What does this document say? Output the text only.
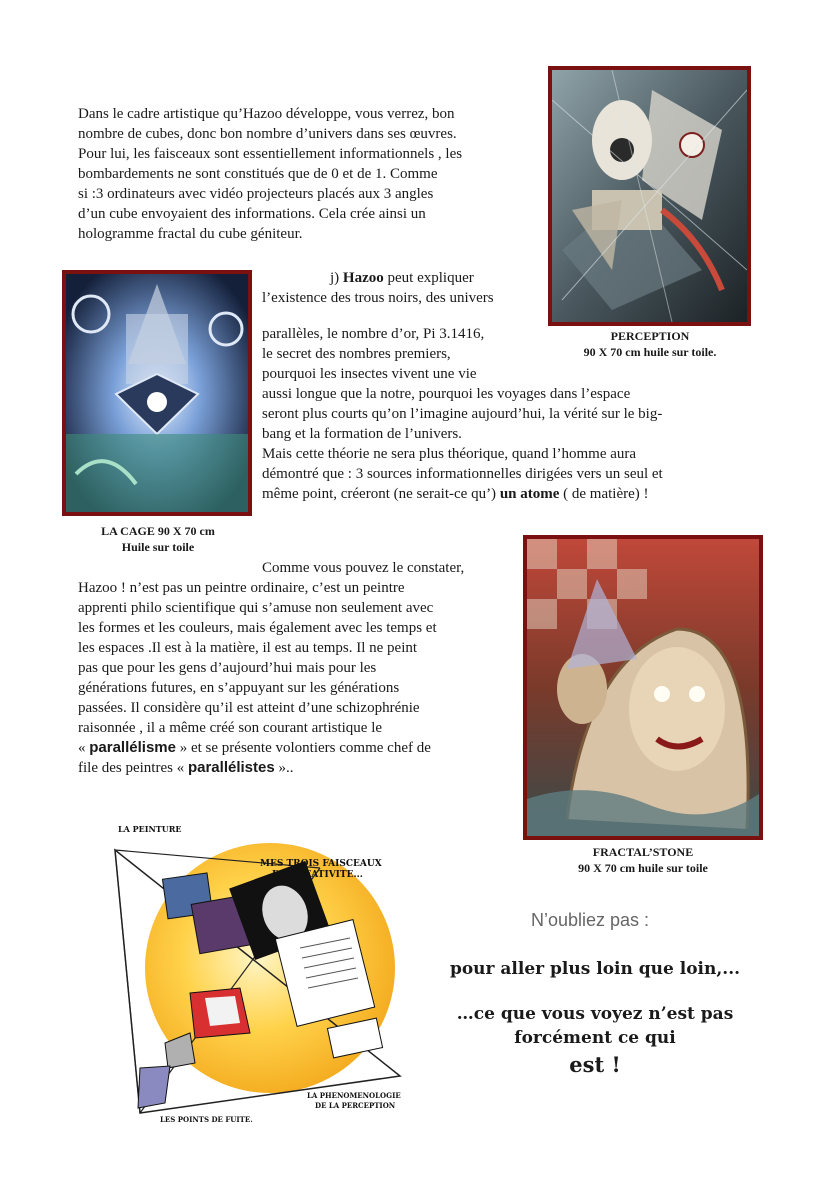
Dans le cadre artistique qu’Hazoo développe, vous verrez, bon
nombre de cubes, donc bon nombre d’univers dans ses œuvres.
Pour lui, les faisceaux sont essentiellement informationnels , les
bombardements ne sont constitués que de 0 et de 1. Comme
si :3 ordinateurs avec vidéo projecteurs placés aux 3 angles
d’un cube envoyaient des informations. Cela crée ainsi un
hologramme fractal du cube géniteur.
PERCEPTION
90 X 70 cm huile sur toile.
LA CAGE 90 X 70 cm
Huile sur toile
j) Hazoo peut expliquer
l’existence des trous noirs, des univers
parallèles, le nombre d’or, Pi 3.1416,
le secret des nombres premiers,
pourquoi les insectes vivent une vie
aussi longue que la notre, pourquoi les voyages dans l’espace
seront plus courts qu’on l’imagine aujourd’hui, la vérité sur le big-
bang et la formation de l’univers.
Mais cette théorie ne sera plus théorique, quand l’homme aura
démontré que : 3 sources informationnelles dirigées vers un seul et
même point, créeront (ne serait-ce qu’) un atome ( de matière) !
FRACTAL’STONE
90 X 70 cm huile sur toile
Comme vous pouvez le constater,
Hazoo ! n’est pas un peintre ordinaire, c’est un peintre
apprenti philo scientifique qui s’amuse non seulement avec
les formes et les couleurs, mais également avec les temps et
les espaces .Il est à la matière, il est au temps. Il ne peint
pas que pour les gens d’aujourd’hui mais pour les
générations futures, en s’appuyant sur les générations
passées. Il considère qu’il est atteint d’une schizophrénie
raisonnée , il a même créé son courant artistique le
« parallélisme » et se présente volontiers comme chef de
file des peintres « parallélistes »..
LA PEINTURE
MES TROIS FAISCEAUX
DE CREATIVITE...
LA PHENOMENOLOGIE
DE LA PERCEPTION
LES POINTS DE FUITE.
N’oubliez pas :
pour aller plus loin que loin,...
…ce que vous voyez n’est pas
forcément ce qui
est !
